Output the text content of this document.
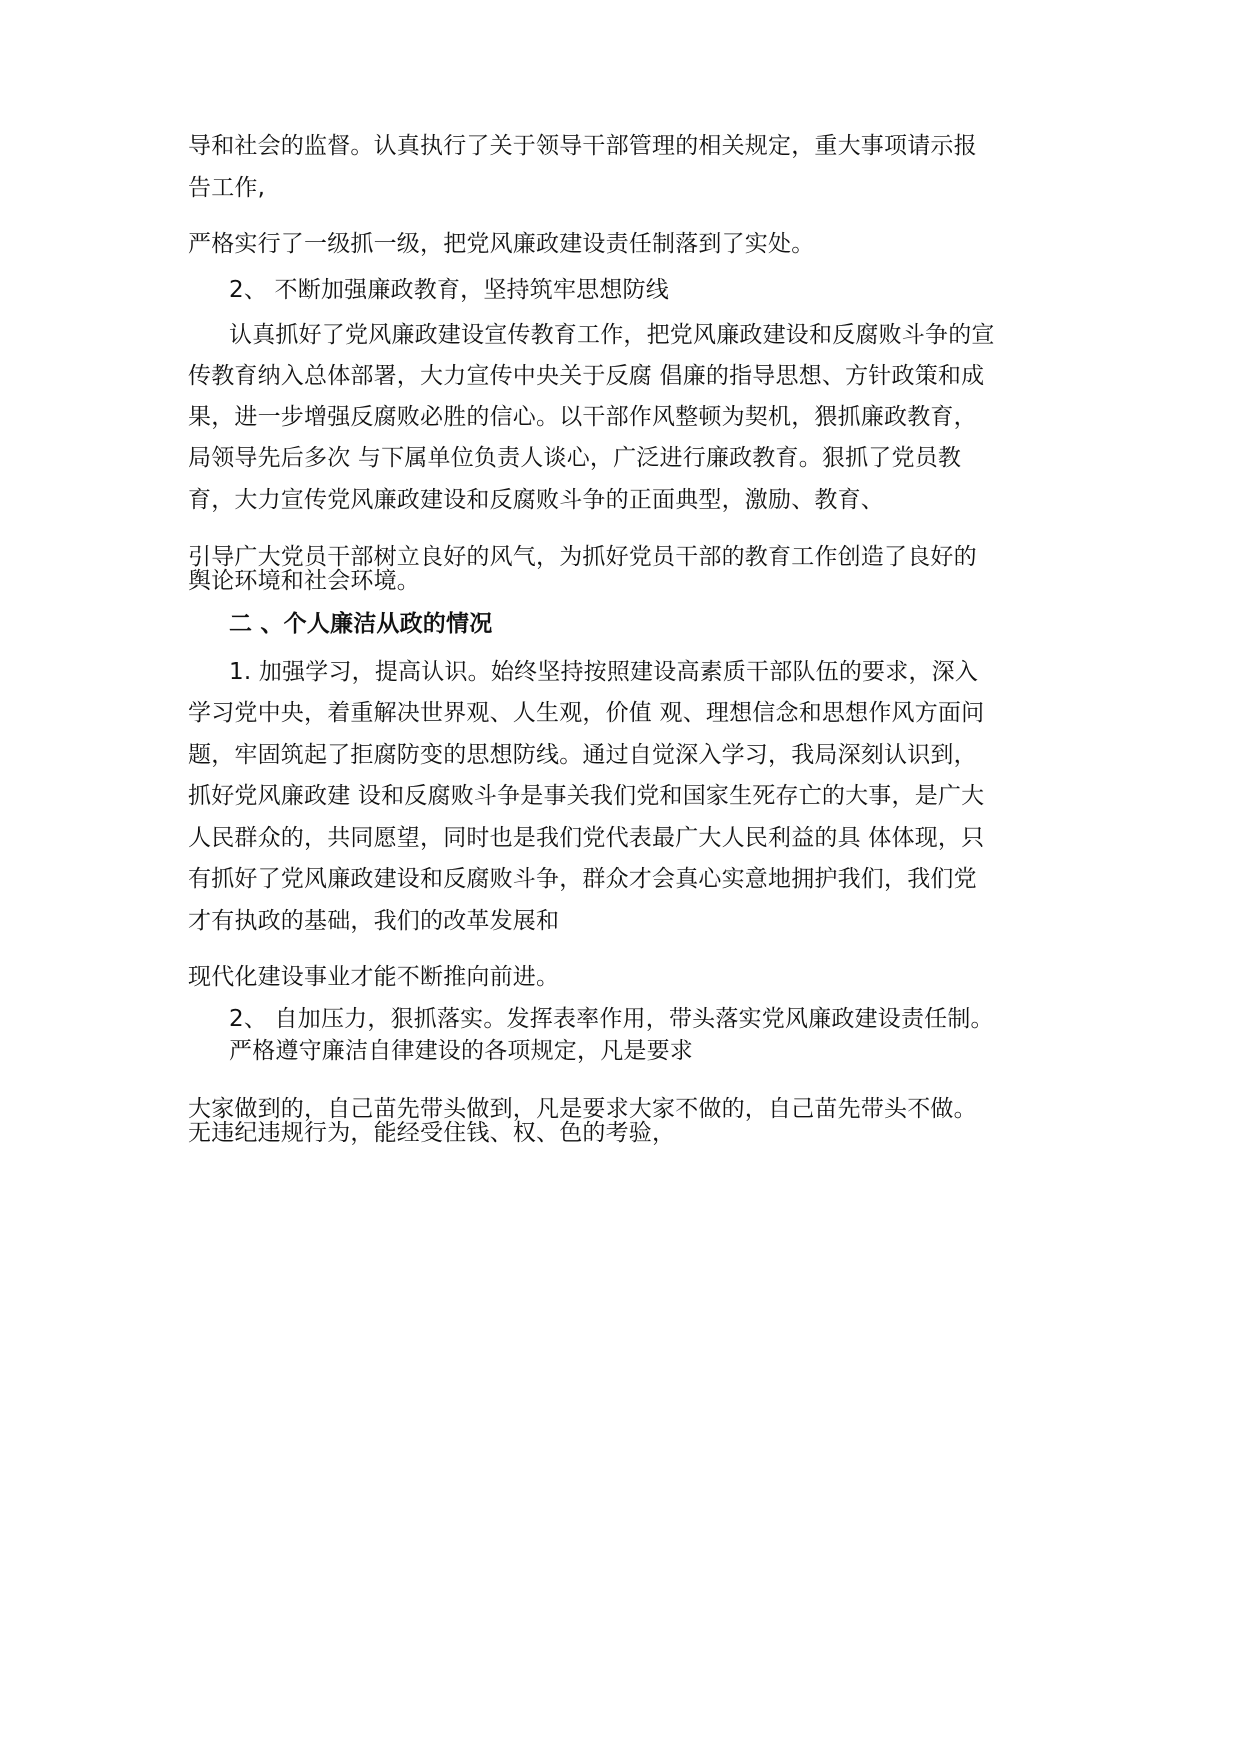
导和社会的监督。认真执行了关于领导干部管理的相关规定，重大事项请示报
告工作,
严格实行了一级抓一级，把党风廉政建设责任制落到了实处。
2、 不断加强廉政教育，坚持筑牢思想防线
认真抓好了党风廉政建设宣传教育工作，把党风廉政建设和反腐败斗争的宣
传教育纳入总体部署，大力宣传中央关于反腐 倡廉的指导思想、方针政策和成
果，进一步增强反腐败必胜的信心。以干部作风整顿为契机，猥抓廉政教育，
局领导先后多次 与下属单位负责人谈心，广泛进行廉政教育。狠抓了党员教
育，大力宣传党风廉政建设和反腐败斗争的正面典型，激励、教育、
引导广大党员干部树立良好的风气，为抓好党员干部的教育工作创造了良好的
舆论环境和社会环境。
二 、个人廉洁从政的情况
1. 加强学习，提高认识。始终坚持按照建设高素质干部队伍的要求，深入
学习党中央，着重解决世界观、人生观，价值 观、理想信念和思想作风方面问
题，牢固筑起了拒腐防变的思想防线。通过自觉深入学习，我局深刻认识到，
抓好党风廉政建 设和反腐败斗争是事关我们党和国家生死存亡的大事，是广大
人民群众的，共同愿望，同时也是我们党代表最广大人民利益的具 体体现，只
有抓好了党风廉政建设和反腐败斗争，群众才会真心实意地拥护我们，我们党
才有执政的基础，我们的改革发展和
现代化建设事业才能不断推向前进。
2、 自加压力，狠抓落实。发挥表率作用，带头落实党风廉政建设责任制。
严格遵守廉洁自律建设的各项规定，凡是要求
大家做到的，自己苗先带头做到，凡是要求大家不做的，自己苗先带头不做。
无违纪违规行为，能经受住钱、权、色的考验，
